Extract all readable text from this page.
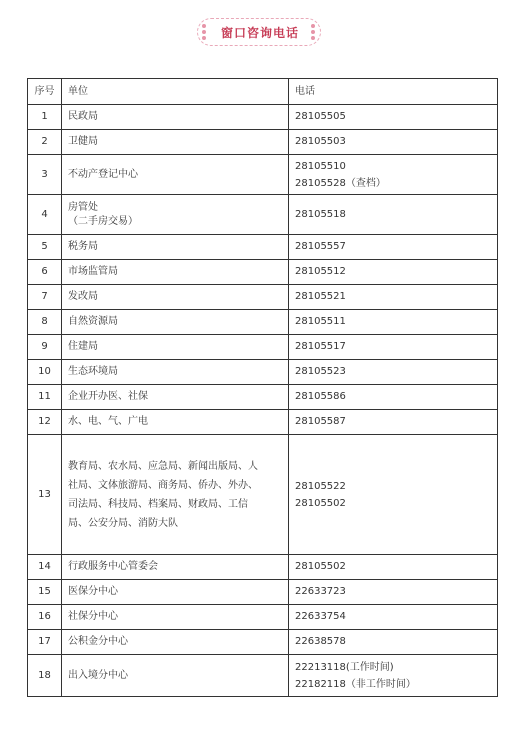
窗口咨询电话
序号	单位	电话
1	民政局	28105505

2	卫健局	28105503

3	不动产登记中心	28105510
28105528（查档）

4	房管处
（二手房交易）	28105518

5	税务局	28105557

6	市场监管局	28105512

7	发改局	28105521

8	自然资源局	28105511

9	住建局	28105517

10	生态环境局	28105523

11	企业开办医、社保	28105586

12	水、电、气、广电	28105587

13	教育局、农水局、应急局、新闻出版局、人
社局、文体旅游局、商务局、侨办、外办、
司法局、科技局、档案局、财政局、工信
局、公安分局、消防大队	28105522
28105502

14	行政服务中心管委会	28105502

15	医保分中心	22633723

16	社保分中心	22633754

17	公积金分中心	22638578

18	出入境分中心	22213118(工作时间)
22182118（非工作时间）
